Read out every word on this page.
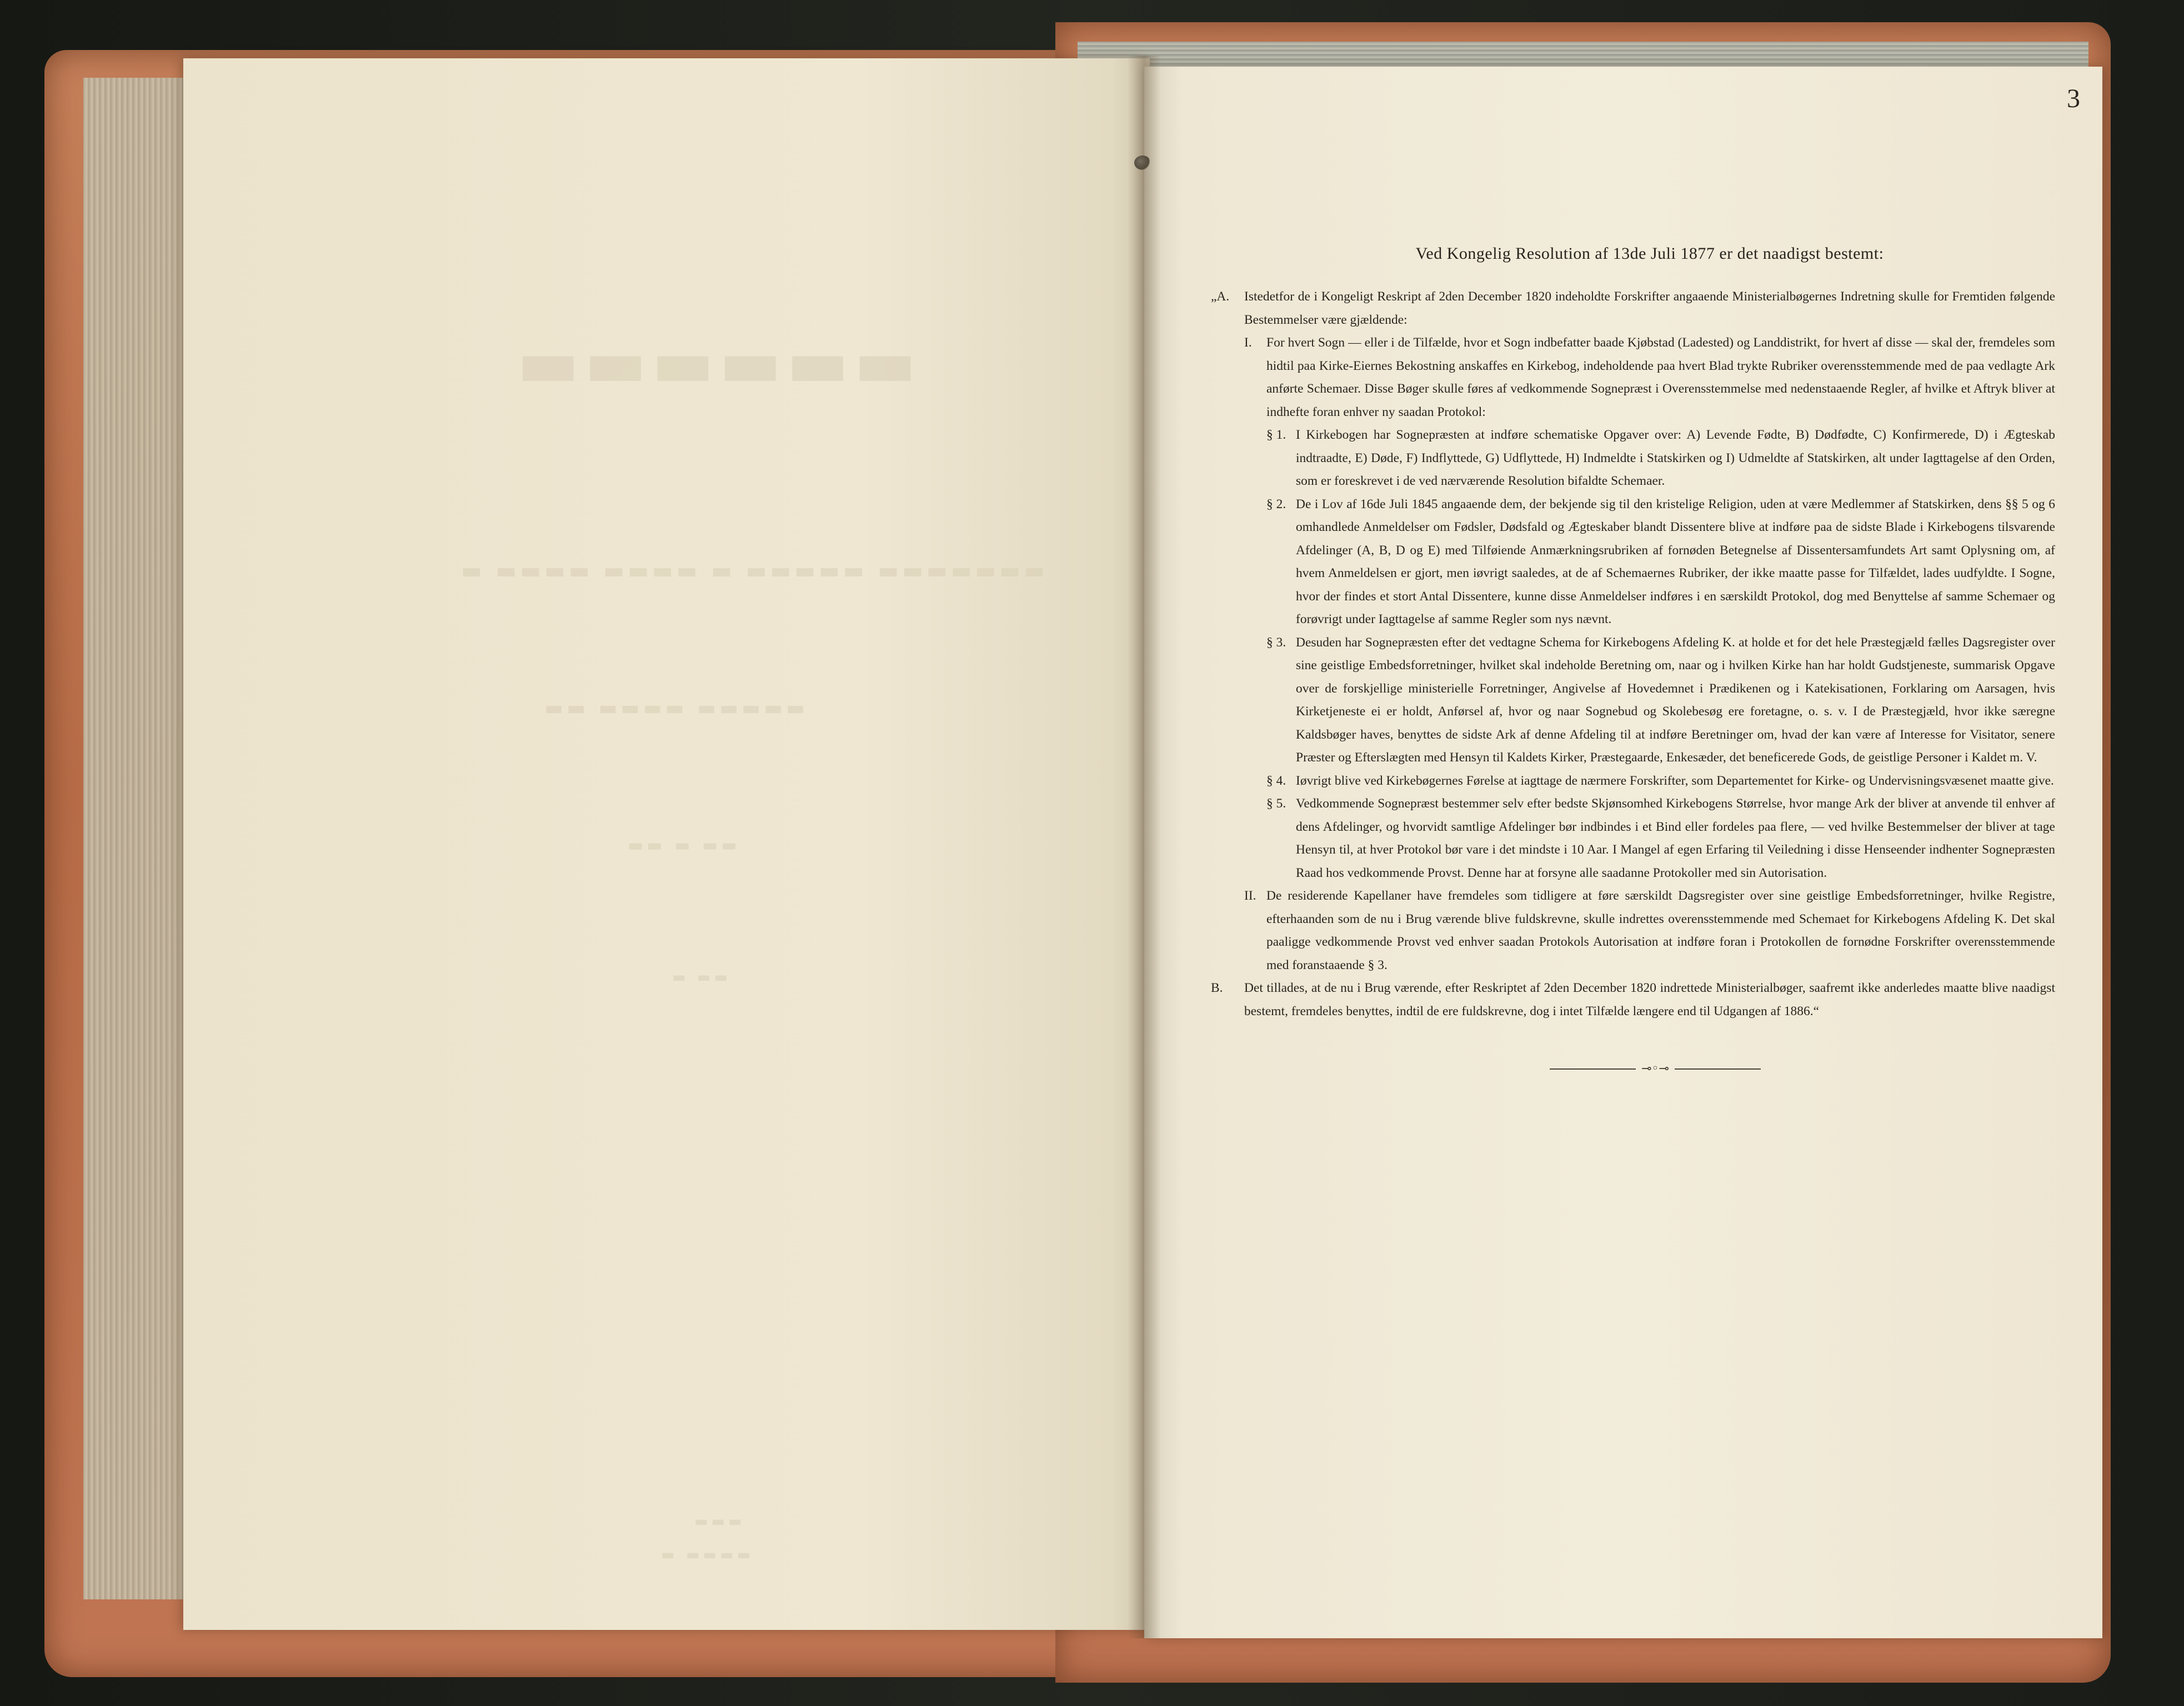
▬▬▬▬▬▬
▬ ▬▬▬▬ ▬▬▬▬ ▬ ▬▬▬▬▬ ▬▬▬▬▬▬▬
▬▬ ▬▬▬▬ ▬▬▬▬▬
▬▬ ▬ ▬▬
▬ ▬▬
▬▬▬
▬ ▬▬▬▬
3
Ved Kongelig Resolution af 13de Juli 1877 er det naadigst bestemt:
„A.	Istedetfor de i Kongeligt Reskript af 2den December 1820 indeholdte Forskrifter angaaende Ministerialbøgernes Indretning skulle for Fremtiden følgende Bestemmelser være gjældende:

I.	For hvert Sogn — eller i de Tilfælde, hvor et Sogn indbefatter baade Kjøbstad (Ladested) og Landdistrikt, for hvert af disse — skal der, fremdeles som hidtil paa Kirke-Eiernes Bekostning anskaffes en Kirkebog, indeholdende paa hvert Blad trykte Rubriker overensstemmende med de paa vedlagte Ark anførte Schemaer. Disse Bøger skulle føres af vedkommende Sognepræst i Overensstemmelse med nedenstaaende Regler, af hvilke et Aftryk bliver at indhefte foran enhver ny saadan Protokol:

§ 1. I Kirkebogen har Sognepræsten at indføre schematiske Opgaver over: A) Levende Fødte, B) Dødfødte, C) Konfirmerede, D) i Ægteskab indtraadte, E) Døde, F) Indflyttede, G) Udflyttede, H) Indmeldte i Statskirken og I) Udmeldte af Statskirken, alt under Iagttagelse af den Orden, som er foreskrevet i de ved nærværende Resolution bifaldte Schemaer.

§ 2. De i Lov af 16de Juli 1845 angaaende dem, der bekjende sig til den kristelige Religion, uden at være Medlemmer af Statskirken, dens §§ 5 og 6 omhandlede Anmeldelser om Fødsler, Dødsfald og Ægteskaber blandt Dissentere blive at indføre paa de sidste Blade i Kirkebogens tilsvarende Afdelinger (A, B, D og E) med Tilføiende Anmærkningsrubriken af fornøden Betegnelse af Dissentersamfundets Art samt Oplysning om, af hvem Anmeldelsen er gjort, men iøvrigt saaledes, at de af Schemaernes Rubriker, der ikke maatte passe for Tilfældet, lades uudfyldte. I Sogne, hvor der findes et stort Antal Dissentere, kunne disse Anmeldelser indføres i en særskildt Protokol, dog med Benyttelse af samme Schemaer og forøvrigt under Iagttagelse af samme Regler som nys nævnt.

§ 3. Desuden har Sognepræsten efter det vedtagne Schema for Kirkebogens Afdeling K. at holde et for det hele Præstegjæld fælles Dagsregister over sine geistlige Embedsforretninger, hvilket skal indeholde Beretning om, naar og i hvilken Kirke han har holdt Gudstjeneste, summarisk Opgave over de forskjellige ministerielle Forretninger, Angivelse af Hovedemnet i Prædikenen og i Katekisationen, Forklaring om Aarsagen, hvis Kirketjeneste ei er holdt, Anførsel af, hvor og naar Sognebud og Skolebesøg ere foretagne, o. s. v. I de Præstegjæld, hvor ikke særegne Kaldsbøger haves, benyttes de sidste Ark af denne Afdeling til at indføre Beretninger om, hvad der kan være af Interesse for Visitator, senere Præster og Efterslægten med Hensyn til Kaldets Kirker, Præstegaarde, Enkesæder, det beneficerede Gods, de geistlige Personer i Kaldet m. V.

§ 4. Iøvrigt blive ved Kirkebøgernes Førelse at iagttage de nærmere Forskrifter, som Departementet for Kirke- og Undervisningsvæsenet maatte give.

§ 5. Vedkommende Sognepræst bestemmer selv efter bedste Skjønsomhed Kirkebogens Størrelse, hvor mange Ark der bliver at anvende til enhver af dens Afdelinger, og hvorvidt samtlige Afdelinger bør indbindes i et Bind eller fordeles paa flere, — ved hvilke Bestemmelser der bliver at tage Hensyn til, at hver Protokol bør vare i det mindste i 10 Aar. I Mangel af egen Erfaring til Veiledning i disse Henseender indhenter Sognepræsten Raad hos vedkommende Provst. Denne har at forsyne alle saadanne Protokoller med sin Autorisation.

II. De residerende Kapellaner have fremdeles som tidligere at føre særskildt Dagsregister over sine geistlige Embedsforretninger, hvilke Registre, efterhaanden som de nu i Brug værende blive fuldskrevne, skulle indrettes overensstemmende med Schemaet for Kirkebogens Afdeling K. Det skal paaligge vedkommende Provst ved enhver saadan Protokols Autorisation at indføre foran i Protokollen de fornødne Forskrifter overensstemmende med foranstaaende § 3.

B.	Det tillades, at de nu i Brug værende, efter Reskriptet af 2den December 1820 indrettede Ministerialbøger, saafremt ikke anderledes maatte blive naadigst bestemt, fremdeles benyttes, indtil de ere fuldskrevne, dog i intet Tilfælde længere end til Udgangen af 1886.“

⊸◦⊸
